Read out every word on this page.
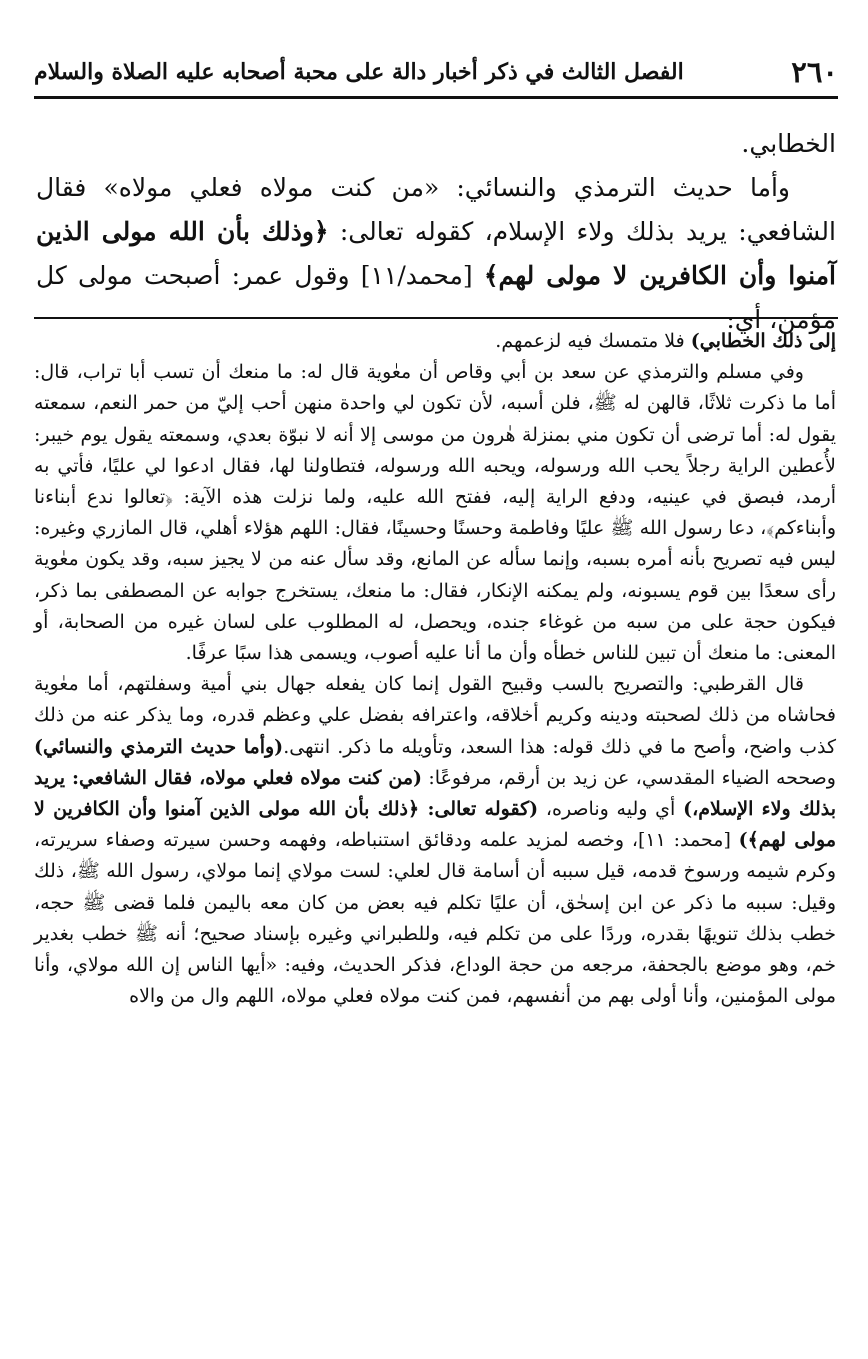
٢٦٠
الفصل الثالث في ذكر أخبار دالة على محبة أصحابه عليه الصلاة والسلام

الخطابي.

وأما حديث الترمذي والنسائي: «من كنت مولاه فعلي مولاه» فقال الشافعي: يريد بذلك ولاء الإسلام، كقوله تعالى: ﴿وذلك بأن الله مولى الذين آمنوا وأن الكافرين لا مولى لهم﴾ [محمد/١١] وقول عمر: أصبحت مولى كل مؤمن، أي:

إلى ذلك الخطابي) فلا متمسك فيه لزعمهم.

وفي مسلم والترمذي عن سعد بن أبي وقاص أن معٰوية قال له: ما منعك أن تسب أبا تراب، قال: أما ما ذكرت ثلاثًا، قالهن له ﷺ، فلن أسبه، لأن تكون لي واحدة منهن أحب إليّ من حمر النعم، سمعته يقول له: أما ترضى أن تكون مني بمنزلة هٰرون من موسى إلا أنه لا نبوّة بعدي، وسمعته يقول يوم خيبر: لأُعطين الراية رجلاً يحب الله ورسوله، ويحبه الله ورسوله، فتطاولنا لها، فقال ادعوا لي عليًا، فأتي به أرمد، فبصق في عينيه، ودفع الراية إليه، ففتح الله عليه، ولما نزلت هذه الآية: ﴿تعالوا ندع أبناءنا وأبناءكم﴾، دعا رسول الله ﷺ عليًا وفاطمة وحسنًا وحسينًا، فقال: اللهم هؤلاء أهلي، قال المازري وغيره: ليس فيه تصريح بأنه أمره بسبه، وإنما سأله عن المانع، وقد سأل عنه من لا يجيز سبه، وقد يكون معٰوية رأى سعدًا بين قوم يسبونه، ولم يمكنه الإنكار، فقال: ما منعك، يستخرج جوابه عن المصطفى بما ذكر، فيكون حجة على من سبه من غوغاء جنده، ويحصل، له المطلوب على لسان غيره من الصحابة، أو المعنى: ما منعك أن تبين للناس خطأه وأن ما أنا عليه أصوب، ويسمى هذا سبًا عرفًا.

قال القرطبي: والتصريح بالسب وقبيح القول إنما كان يفعله جهال بني أمية وسفلتهم، أما معٰوية فحاشاه من ذلك لصحبته ودينه وكريم أخلاقه، واعترافه بفضل علي وعظم قدره، وما يذكر عنه من ذلك كذب واضح، وأصح ما في ذلك قوله: هذا السعد، وتأويله ما ذكر. انتهى.(وأما حديث الترمذي والنسائي) وصححه الضياء المقدسي، عن زيد بن أرقم، مرفوعًا: (من كنت مولاه فعلي مولاه، فقال الشافعي: يريد بذلك ولاء الإسلام،) أي وليه وناصره، (كقوله تعالى: ﴿ذلك بأن الله مولى الذين آمنوا وأن الكافرين لا مولى لهم﴾) [محمد: ١١]، وخصه لمزيد علمه ودقائق استنباطه، وفهمه وحسن سيرته وصفاء سريرته، وكرم شيمه ورسوخ قدمه، قيل سببه أن أسامة قال لعلي: لست مولاي إنما مولاي، رسول الله ﷺ، ذلك وقيل: سببه ما ذكر عن ابن إسحٰق، أن عليًا تكلم فيه بعض من كان معه باليمن فلما قضى ﷺ حجه، خطب بذلك تنويهًا بقدره، وردًا على من تكلم فيه، وللطبراني وغيره بإسناد صحيح؛ أنه ﷺ خطب بغدير خم، وهو موضع بالجحفة، مرجعه من حجة الوداع، فذكر الحديث، وفيه: «أيها الناس إن الله مولاي، وأنا مولى المؤمنين، وأنا أولى بهم من أنفسهم، فمن كنت مولاه فعلي مولاه، اللهم وال من والاه
